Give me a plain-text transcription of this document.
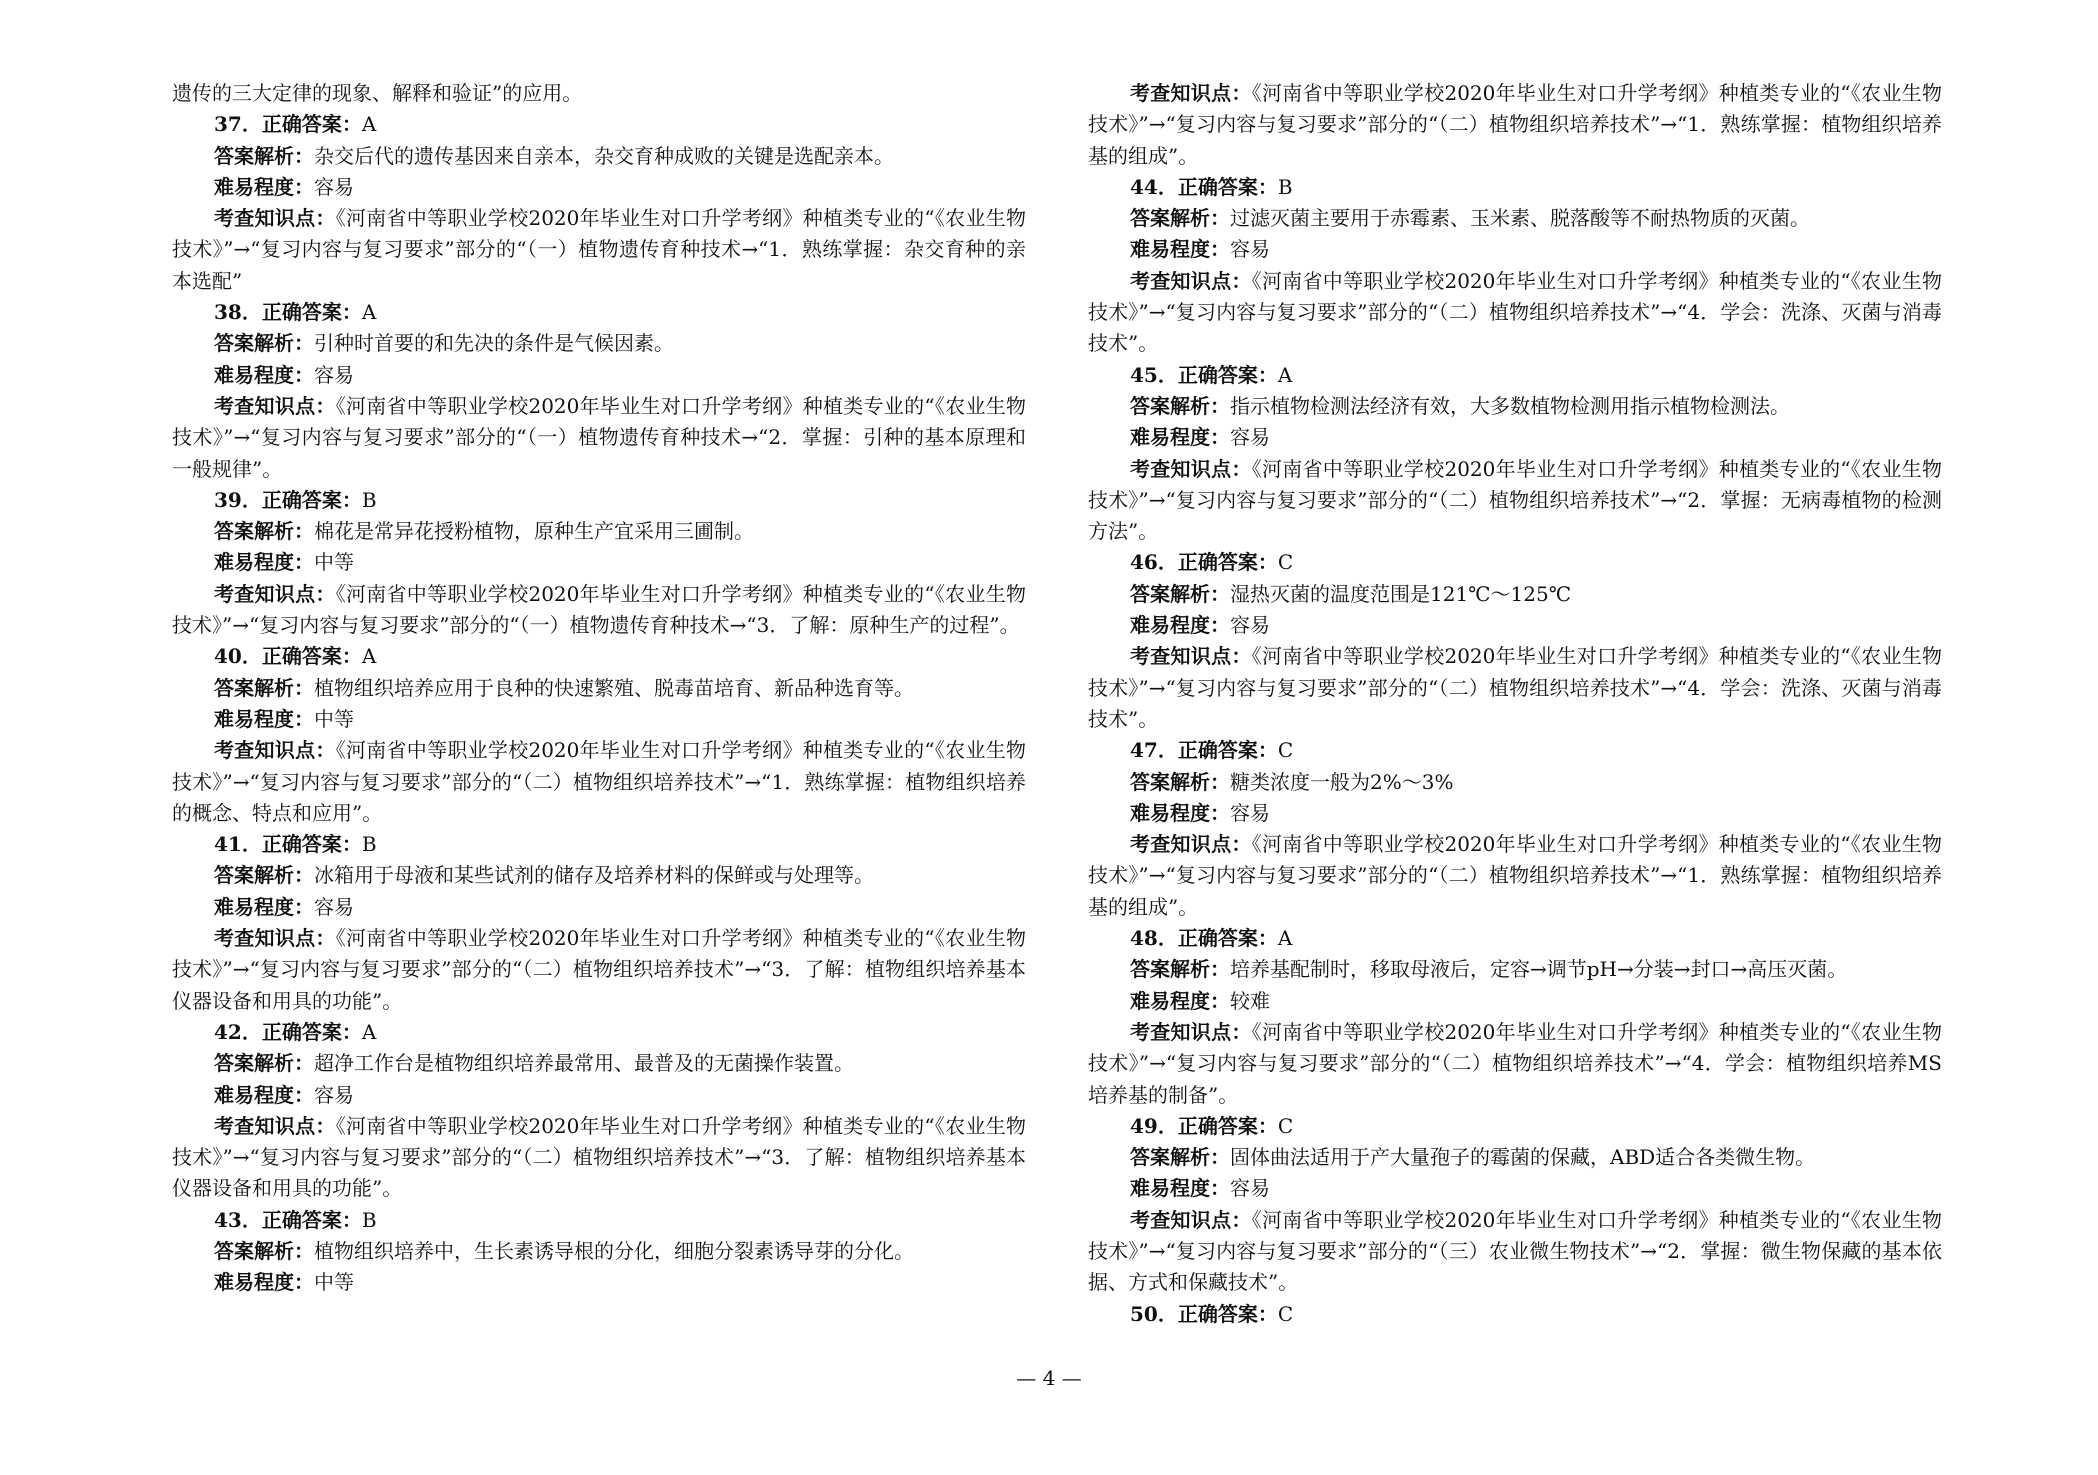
遗传的三大定律的现象、解释和验证”的应用。

37．正确答案：A

答案解析：杂交后代的遗传基因来自亲本，杂交育种成败的关键是选配亲本。

难易程度：容易

考查知识点：《河南省中等职业学校2020年毕业生对口升学考纲》种植类专业的“《农业生物技术》”→“复习内容与复习要求”部分的“（一）植物遗传育种技术→“1．熟练掌握：杂交育种的亲本选配”

38．正确答案：A

答案解析：引种时首要的和先决的条件是气候因素。

难易程度：容易

考查知识点：《河南省中等职业学校2020年毕业生对口升学考纲》种植类专业的“《农业生物技术》”→“复习内容与复习要求”部分的“（一）植物遗传育种技术→“2．掌握：引种的基本原理和一般规律”。

39．正确答案：B

答案解析：棉花是常异花授粉植物，原种生产宜采用三圃制。

难易程度：中等

考查知识点：《河南省中等职业学校2020年毕业生对口升学考纲》种植类专业的“《农业生物技术》”→“复习内容与复习要求”部分的“（一）植物遗传育种技术→“3．了解：原种生产的过程”。

40．正确答案：A

答案解析：植物组织培养应用于良种的快速繁殖、脱毒苗培育、新品种选育等。

难易程度：中等

考查知识点：《河南省中等职业学校2020年毕业生对口升学考纲》种植类专业的“《农业生物技术》”→“复习内容与复习要求”部分的“（二）植物组织培养技术”→“1．熟练掌握：植物组织培养的概念、特点和应用”。

41．正确答案：B

答案解析：冰箱用于母液和某些试剂的储存及培养材料的保鲜或与处理等。

难易程度：容易

考查知识点：《河南省中等职业学校2020年毕业生对口升学考纲》种植类专业的“《农业生物技术》”→“复习内容与复习要求”部分的“（二）植物组织培养技术”→“3．了解：植物组织培养基本仪器设备和用具的功能”。

42．正确答案：A

答案解析：超净工作台是植物组织培养最常用、最普及的无菌操作装置。

难易程度：容易

考查知识点：《河南省中等职业学校2020年毕业生对口升学考纲》种植类专业的“《农业生物技术》”→“复习内容与复习要求”部分的“（二）植物组织培养技术”→“3．了解：植物组织培养基本仪器设备和用具的功能”。

43．正确答案：B

答案解析：植物组织培养中，生长素诱导根的分化，细胞分裂素诱导芽的分化。

难易程度：中等

考查知识点：《河南省中等职业学校2020年毕业生对口升学考纲》种植类专业的“《农业生物技术》”→“复习内容与复习要求”部分的“（二）植物组织培养技术”→“1．熟练掌握：植物组织培养基的组成”。

44．正确答案：B

答案解析：过滤灭菌主要用于赤霉素、玉米素、脱落酸等不耐热物质的灭菌。

难易程度：容易

考查知识点：《河南省中等职业学校2020年毕业生对口升学考纲》种植类专业的“《农业生物技术》”→“复习内容与复习要求”部分的“（二）植物组织培养技术”→“4．学会：洗涤、灭菌与消毒技术”。

45．正确答案：A

答案解析：指示植物检测法经济有效，大多数植物检测用指示植物检测法。

难易程度：容易

考查知识点：《河南省中等职业学校2020年毕业生对口升学考纲》种植类专业的“《农业生物技术》”→“复习内容与复习要求”部分的“（二）植物组织培养技术”→“2．掌握：无病毒植物的检测方法”。

46．正确答案：C

答案解析：湿热灭菌的温度范围是121℃～125℃

难易程度：容易

考查知识点：《河南省中等职业学校2020年毕业生对口升学考纲》种植类专业的“《农业生物技术》”→“复习内容与复习要求”部分的“（二）植物组织培养技术”→“4．学会：洗涤、灭菌与消毒技术”。

47．正确答案：C

答案解析：糖类浓度一般为2%～3%

难易程度：容易

考查知识点：《河南省中等职业学校2020年毕业生对口升学考纲》种植类专业的“《农业生物技术》”→“复习内容与复习要求”部分的“（二）植物组织培养技术”→“1．熟练掌握：植物组织培养基的组成”。

48．正确答案：A

答案解析：培养基配制时，移取母液后，定容→调节pH→分装→封口→高压灭菌。

难易程度：较难

考查知识点：《河南省中等职业学校2020年毕业生对口升学考纲》种植类专业的“《农业生物技术》”→“复习内容与复习要求”部分的“（二）植物组织培养技术”→“4．学会：植物组织培养MS培养基的制备”。

49．正确答案：C

答案解析：固体曲法适用于产大量孢子的霉菌的保藏，ABD适合各类微生物。

难易程度：容易

考查知识点：《河南省中等职业学校2020年毕业生对口升学考纲》种植类专业的“《农业生物技术》”→“复习内容与复习要求”部分的“（三）农业微生物技术”→“2．掌握：微生物保藏的基本依据、方式和保藏技术”。

50．正确答案：C

— 4 —
